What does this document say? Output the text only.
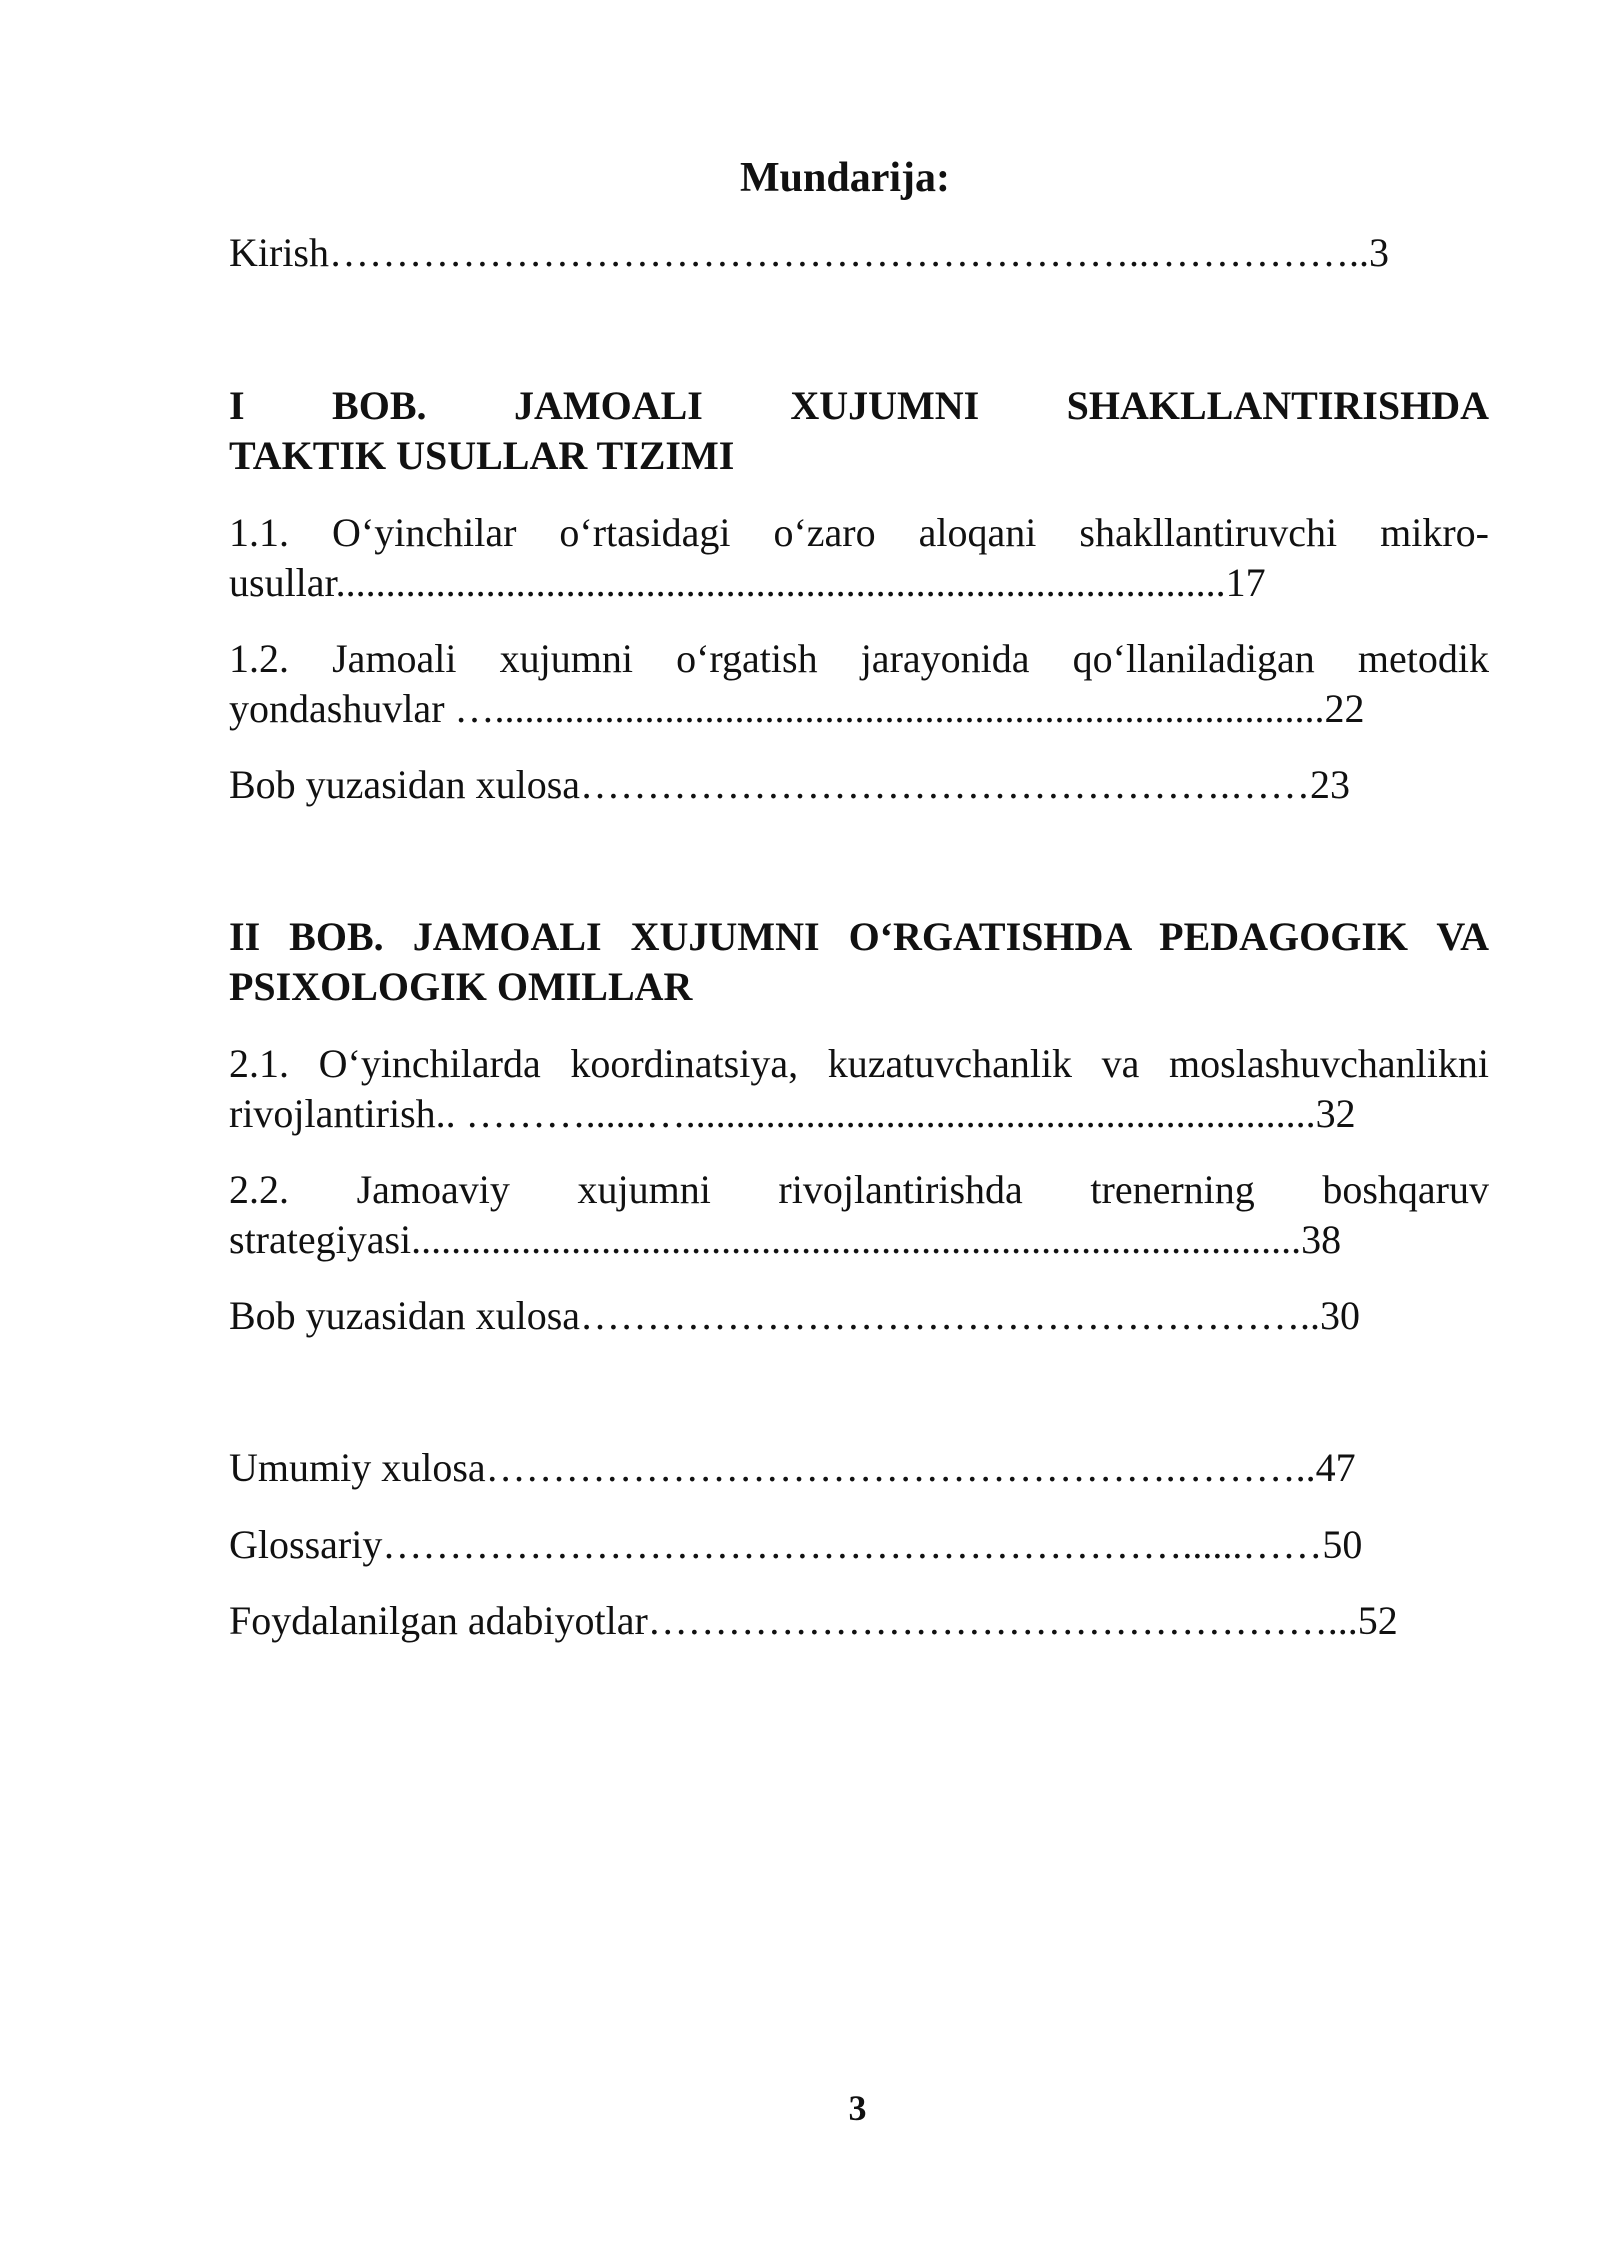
Mundarija:
Kirish……………………………………………………..……………..3
I BOB. JAMOALI XUJUMNI SHAKLLANTIRISHDA
TAKTIK USULLAR TIZIMI
1.1. O‘yinchilar o‘rtasidagi o‘zaro aloqani shakllantiruvchi mikro-
usullar.........................................................................................17
1.2. Jamoali xujumni o‘rgatish jarayonida qo‘llaniladigan metodik
yondashuvlar …...................................................................................22
Bob yuzasidan xulosa………………………………………….……23
II BOB. JAMOALI XUJUMNI O‘RGATISHDA PEDAGOGIK VA
PSIXOLOGIK OMILLAR
2.1. O‘yinchilarda koordinatsiya, kuzatuvchanlik va moslashuvchanlikni
rivojlantirish.. ………......…...............................................................32
2.2. Jamoaviy xujumni rivojlantirishda trenerning boshqaruv
strategiyasi.........................................................................................38
Bob yuzasidan xulosa………………………………………………..30
Umumiy xulosa…………………………………………….………..47
Glossariy……………………………………………………......……50
Foydalanilgan adabiyotlar……………………………………………...52
3
